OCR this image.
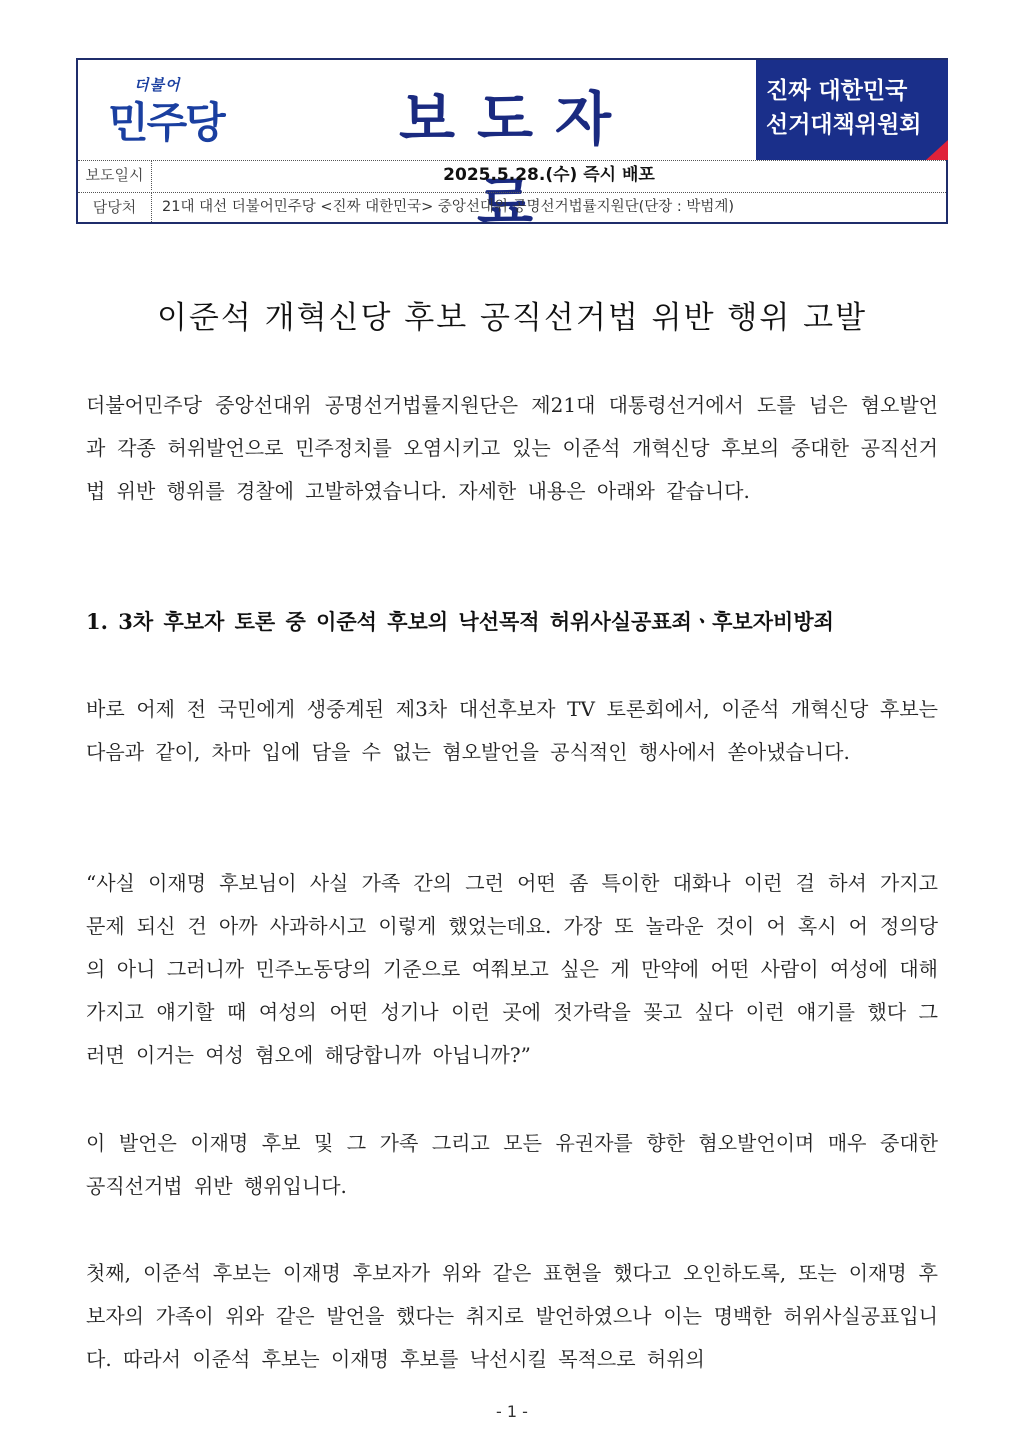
더불어
민주당	보도자료
진짜 대한민국
선거대책위원회
보도일시	2025.5.28.(수) 즉시 배포
담당처	21대 대선 더불어민주당 <진짜 대한민국> 중앙선대위 공명선거법률지원단(단장 : 박범계)
이준석 개혁신당 후보 공직선거법 위반 행위 고발

더불어민주당 중앙선대위 공명선거법률지원단은 제21대 대통령선거에서 도를 넘은 혐오발언과 각종 허위발언으로 민주정치를 오염시키고 있는 이준석 개혁신당 후보의 중대한 공직선거법 위반 행위를 경찰에 고발하였습니다. 자세한 내용은 아래와 같습니다.

1. 3차 후보자 토론 중 이준석 후보의 낙선목적 허위사실공표죄ㆍ후보자비방죄

바로 어제 전 국민에게 생중계된 제3차 대선후보자 TV 토론회에서, 이준석 개혁신당 후보는 다음과 같이, 차마 입에 담을 수 없는 혐오발언을 공식적인 행사에서 쏟아냈습니다.

“사실 이재명 후보님이 사실 가족 간의 그런 어떤 좀 특이한 대화나 이런 걸 하셔 가지고 문제 되신 건 아까 사과하시고 이렇게 했었는데요. 가장 또 놀라운 것이 어 혹시 어 정의당의 아니 그러니까 민주노동당의 기준으로 여쭤보고 싶은 게 만약에 어떤 사람이 여성에 대해 가지고 얘기할 때 여성의 어떤 성기나 이런 곳에 젓가락을 꽂고 싶다 이런 얘기를 했다 그러면 이거는 여성 혐오에 해당합니까 아닙니까?”

이 발언은 이재명 후보 및 그 가족 그리고 모든 유권자를 향한 혐오발언이며 매우 중대한 공직선거법 위반 행위입니다.

첫째, 이준석 후보는 이재명 후보자가 위와 같은 표현을 했다고 오인하도록, 또는 이재명 후보자의 가족이 위와 같은 발언을 했다는 취지로 발언하였으나 이는 명백한 허위사실공표입니다. 따라서 이준석 후보는 이재명 후보를 낙선시킬 목적으로 허위의

- 1 -
